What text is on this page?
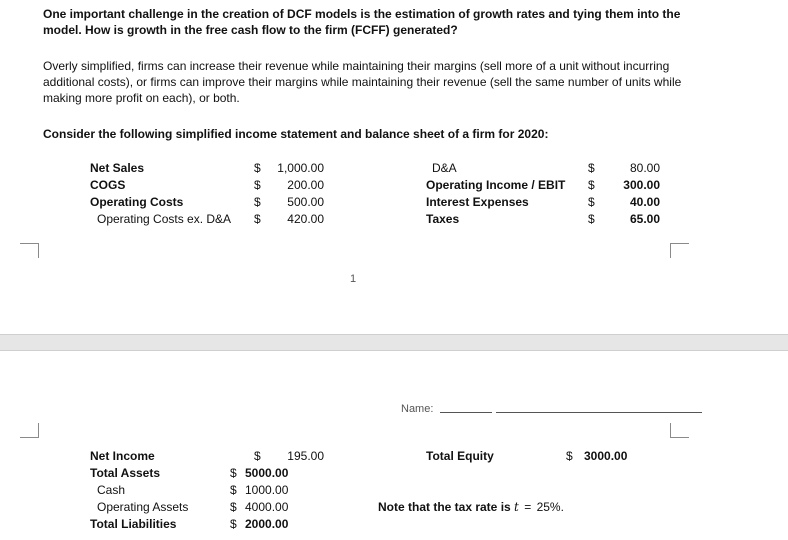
One important challenge in the creation of DCF models is the estimation of growth rates and tying them into the model. How is growth in the free cash flow to the firm (FCFF) generated?
Overly simplified, firms can increase their revenue while maintaining their margins (sell more of a unit without incurring additional costs), or firms can improve their margins while maintaining their revenue (sell the same number of units while making more profit on each), or both.
Consider the following simplified income statement and balance sheet of a firm for 2020:
Net Sales	$	1,000.00
COGS	$	200.00
Operating Costs	$	500.00
Operating Costs ex. D&A $	420.00
D&A	$	80.00
Operating Income / EBIT $	300.00
Interest Expenses	$	40.00
Taxes	$	65.00
1
Name:
Net Income	$	195.00
Total Assets	$ 5000.00
Cash	$ 1000.00
Operating Assets	$ 4000.00
Total Liabilities	$ 2000.00
Total Equity	$ 3000.00
Note that the tax rate is t = 25%.
